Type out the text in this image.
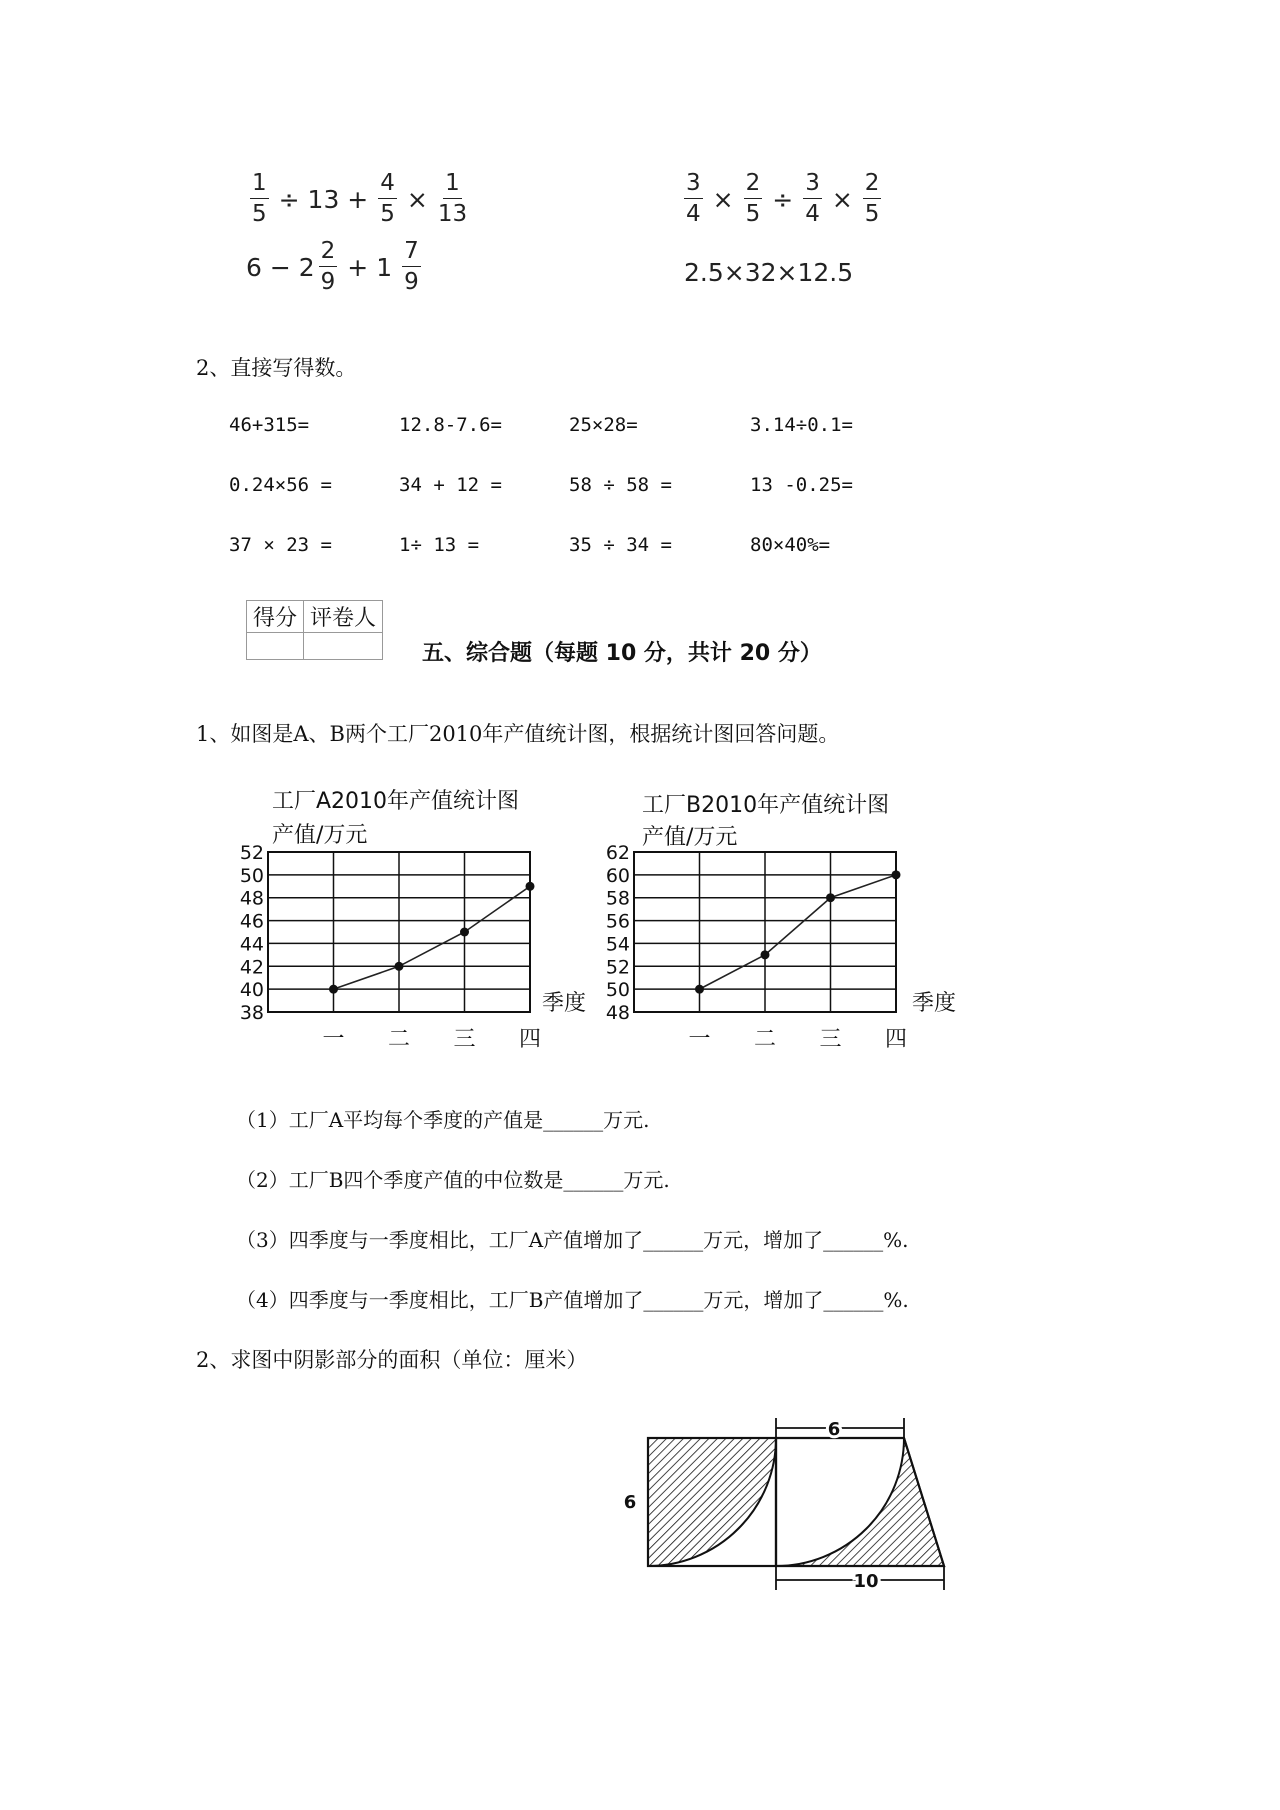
$\frac{1}{5} \div 13 + \frac{4}{5} \times \frac{1}{13}$	$\frac{3}{4} \times \frac{2}{5} \div \frac{3}{4} \times \frac{2}{5}$
$6 - 2 \frac{2}{9} + 1 \frac{7}{9}$	2.5×32×12.5
2、直接写得数。
46+315=	12.8-7.6=	25×28=	3.14÷0.1=
0.24×56 =	34 + 12 =	58 ÷ 58 =	13 -0.25=
37 × 23 =	1÷ 13 =	35 ÷ 34 =	80×40%=
得分	评卷人

五、综合题（每题 10 分，共计 20 分）
1、如图是A、B两个工厂2010年产值统计图，根据统计图回答问题。
工厂A2010年产值统计图
产值/万元
工厂B2010年产值统计图
产值/万元
38
40
42
44
46
48
50
52
一 二 三 四
季度 48
50
52
54
56
58
60
62
一 二 三 四
季度
（1）工厂A平均每个季度的产值是______万元.
（2）工厂B四个季度产值的中位数是______万元.
（3）四季度与一季度相比，工厂A产值增加了______万元，增加了______%.
（4）四季度与一季度相比，工厂B产值增加了______万元，增加了______%.
2、求图中阴影部分的面积（单位：厘米）
6
6
10
